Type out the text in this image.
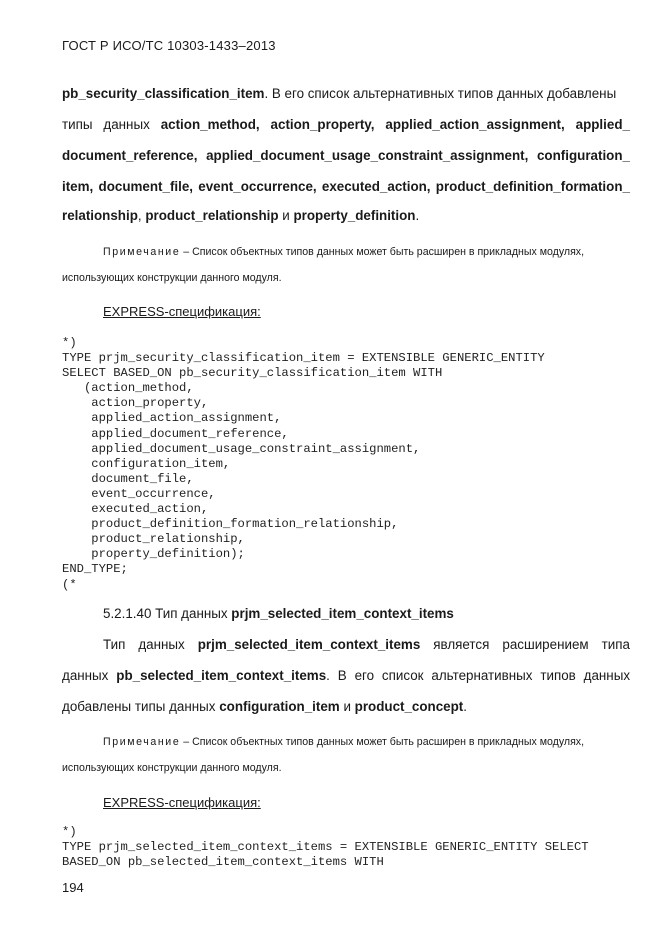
ГОСТ Р ИСО/ТС 10303-1433–2013
pb_security_classification_item. В его список альтернативных типов данных добавлены
типы данных action_method, action_property, applied_action_assignment, applied_
document_reference, applied_document_usage_constraint_assignment, configuration_
item, document_file, event_occurrence, executed_action, product_definition_formation_
relationship, product_relationship и property_definition.
Примечание – Список объектных типов данных может быть расширен в прикладных модулях,
использующих конструкции данного модуля.
EXPRESS-спецификация:
*)
TYPE prjm_security_classification_item = EXTENSIBLE GENERIC_ENTITY
SELECT BASED_ON pb_security_classification_item WITH
(action_method,
action_property,
applied_action_assignment,
applied_document_reference,
applied_document_usage_constraint_assignment,
configuration_item,
document_file,
event_occurrence,
executed_action,
product_definition_formation_relationship,
product_relationship,
property_definition);
END_TYPE;
(*
5.2.1.40 Тип данных prjm_selected_item_context_items
Тип данных prjm_selected_item_context_items является расширением типа
данных pb_selected_item_context_items. В его список альтернативных типов данных
добавлены типы данных configuration_item и product_concept.
Примечание – Список объектных типов данных может быть расширен в прикладных модулях,
использующих конструкции данного модуля.
EXPRESS-спецификация:
*)
TYPE prjm_selected_item_context_items = EXTENSIBLE GENERIC_ENTITY SELECT
BASED_ON pb_selected_item_context_items WITH
194
